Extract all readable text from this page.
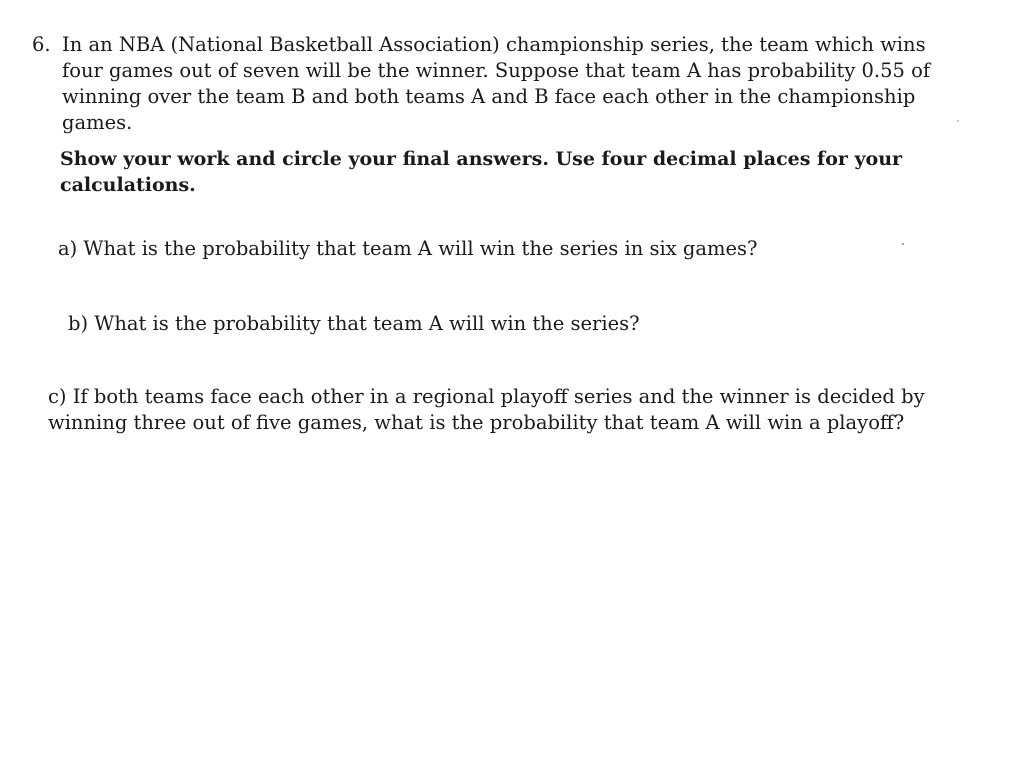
6. In an NBA (National Basketball Association) championship series, the team which wins four games out of seven will be the winner. Suppose that team A has probability 0.55 of winning over the team B and both teams A and B face each other in the championship games.
Show your work and circle your final answers. Use four decimal places for your calculations.
a) What is the probability that team A will win the series in six games?
b) What is the probability that team A will win the series?
c) If both teams face each other in a regional playoff series and the winner is decided by winning three out of five games, what is the probability that team A will win a playoff?
